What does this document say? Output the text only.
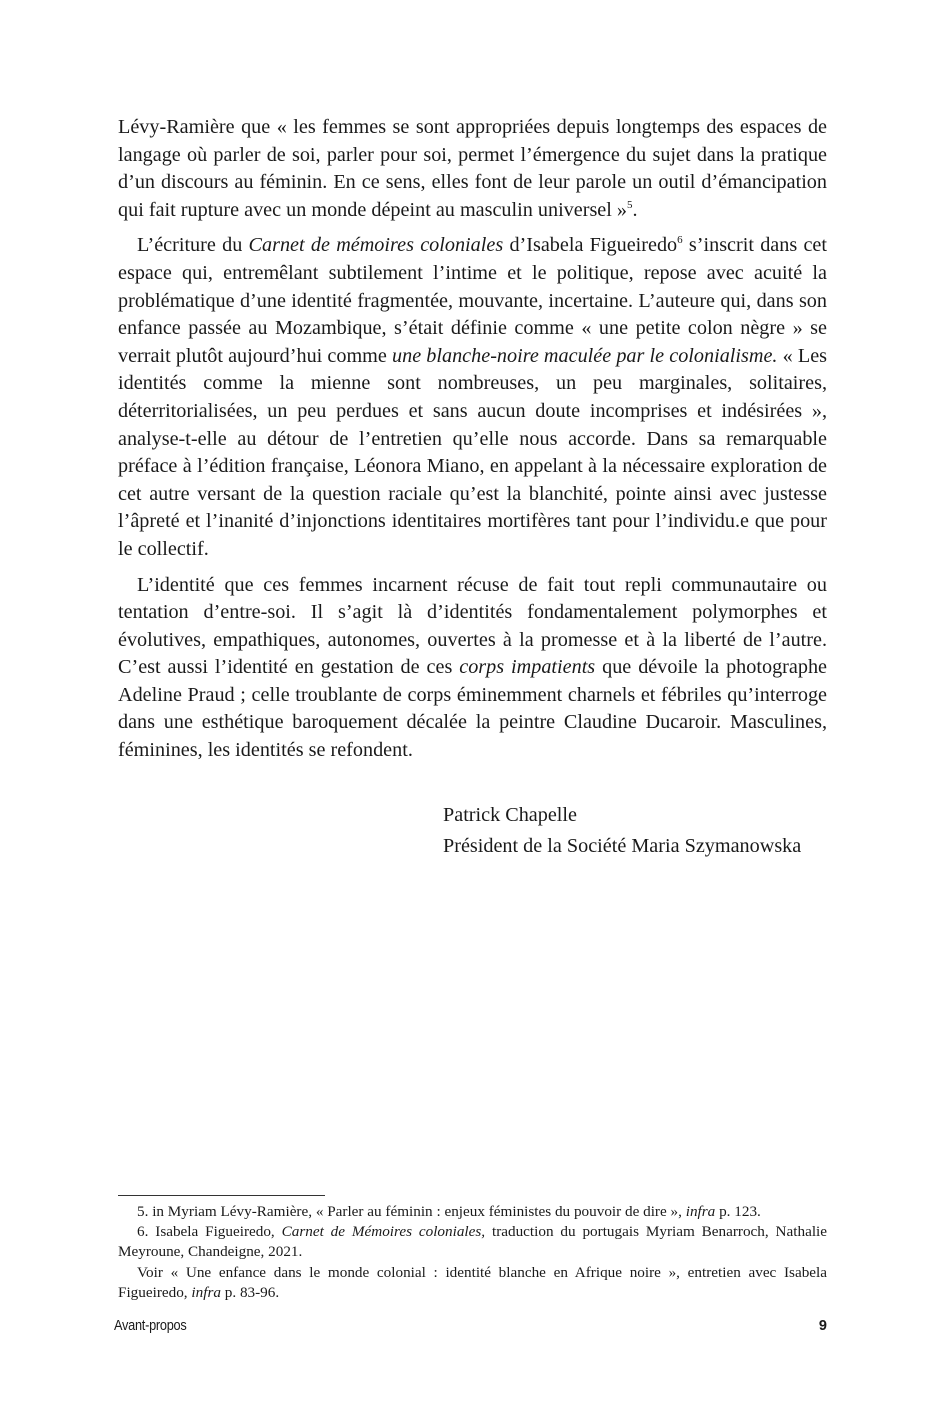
Lévy-Ramière que « les femmes se sont appropriées depuis longtemps des espaces de langage où parler de soi, parler pour soi, permet l’émergence du sujet dans la pratique d’un discours au féminin. En ce sens, elles font de leur parole un outil d’émancipation qui fait rupture avec un monde dépeint au masculin universel »$^5$.

L’écriture du Carnet de mémoires coloniales d’Isabela Figueiredo$^6$ s’inscrit dans cet espace qui, entremêlant subtilement l’intime et le politique, repose avec acuité la problématique d’une identité fragmentée, mouvante, incertaine. L’auteure qui, dans son enfance passée au Mozambique, s’était définie comme « une petite colon nègre » se verrait plutôt aujourd’hui comme une blanche-noire maculée par le colonialisme. « Les identités comme la mienne sont nombreuses, un peu marginales, solitaires, déterritorialisées, un peu perdues et sans aucun doute incomprises et indésirées », analyse-t-elle au détour de l’entretien qu’elle nous accorde. Dans sa remarquable préface à l’édition française, Léonora Miano, en appelant à la nécessaire exploration de cet autre versant de la question raciale qu’est la blanchité, pointe ainsi avec justesse l’âpreté et l’inanité d’injonctions identitaires mortifères tant pour l’individu.e que pour le collectif.

L’identité que ces femmes incarnent récuse de fait tout repli communautaire ou tentation d’entre-soi. Il s’agit là d’identités fondamentalement polymorphes et évolutives, empathiques, autonomes, ouvertes à la promesse et à la liberté de l’autre. C’est aussi l’identité en gestation de ces corps impatients que dévoile la photographe Adeline Praud ; celle troublante de corps éminemment charnels et fébriles qu’interroge dans une esthétique baroquement décalée la peintre Claudine Ducaroir. Masculines, féminines, les identités se refondent.

Patrick Chapelle
Président de la Société Maria Szymanowska

5. in Myriam Lévy-Ramière, « Parler au féminin : enjeux féministes du pouvoir de dire », infra p. 123.

6. Isabela Figueiredo, Carnet de Mémoires coloniales, traduction du portugais Myriam Benarroch, Nathalie Meyroune, Chandeigne, 2021.

Voir « Une enfance dans le monde colonial : identité blanche en Afrique noire », entretien avec Isabela Figueiredo, infra p. 83-96.

Avant-propos	9
